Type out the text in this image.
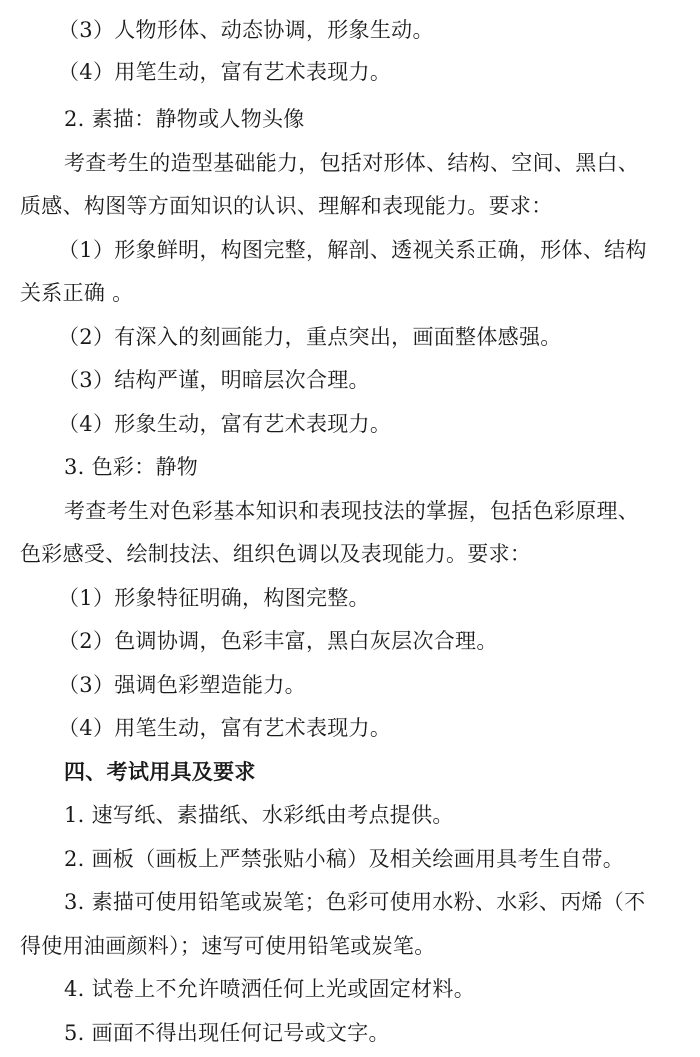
（3）人物形体、动态协调，形象生动。
（4）用笔生动，富有艺术表现力。
2. 素描：静物或人物头像
考查考生的造型基础能力，包括对形体、结构、空间、黑白、
质感、构图等方面知识的认识、理解和表现能力。要求：
（1）形象鲜明，构图完整，解剖、透视关系正确，形体、结构
关系正确 。
（2）有深入的刻画能力，重点突出，画面整体感强。
（3）结构严谨，明暗层次合理。
（4）形象生动，富有艺术表现力。
3. 色彩：静物
考查考生对色彩基本知识和表现技法的掌握，包括色彩原理、
色彩感受、绘制技法、组织色调以及表现能力。要求：
（1）形象特征明确，构图完整。
（2）色调协调，色彩丰富，黑白灰层次合理。
（3）强调色彩塑造能力。
（4）用笔生动，富有艺术表现力。
四、考试用具及要求
1. 速写纸、素描纸、水彩纸由考点提供。
2. 画板（画板上严禁张贴小稿）及相关绘画用具考生自带。
3. 素描可使用铅笔或炭笔；色彩可使用水粉、水彩、丙烯（不
得使用油画颜料）；速写可使用铅笔或炭笔。
4. 试卷上不允许喷洒任何上光或固定材料。
5. 画面不得出现任何记号或文字。
